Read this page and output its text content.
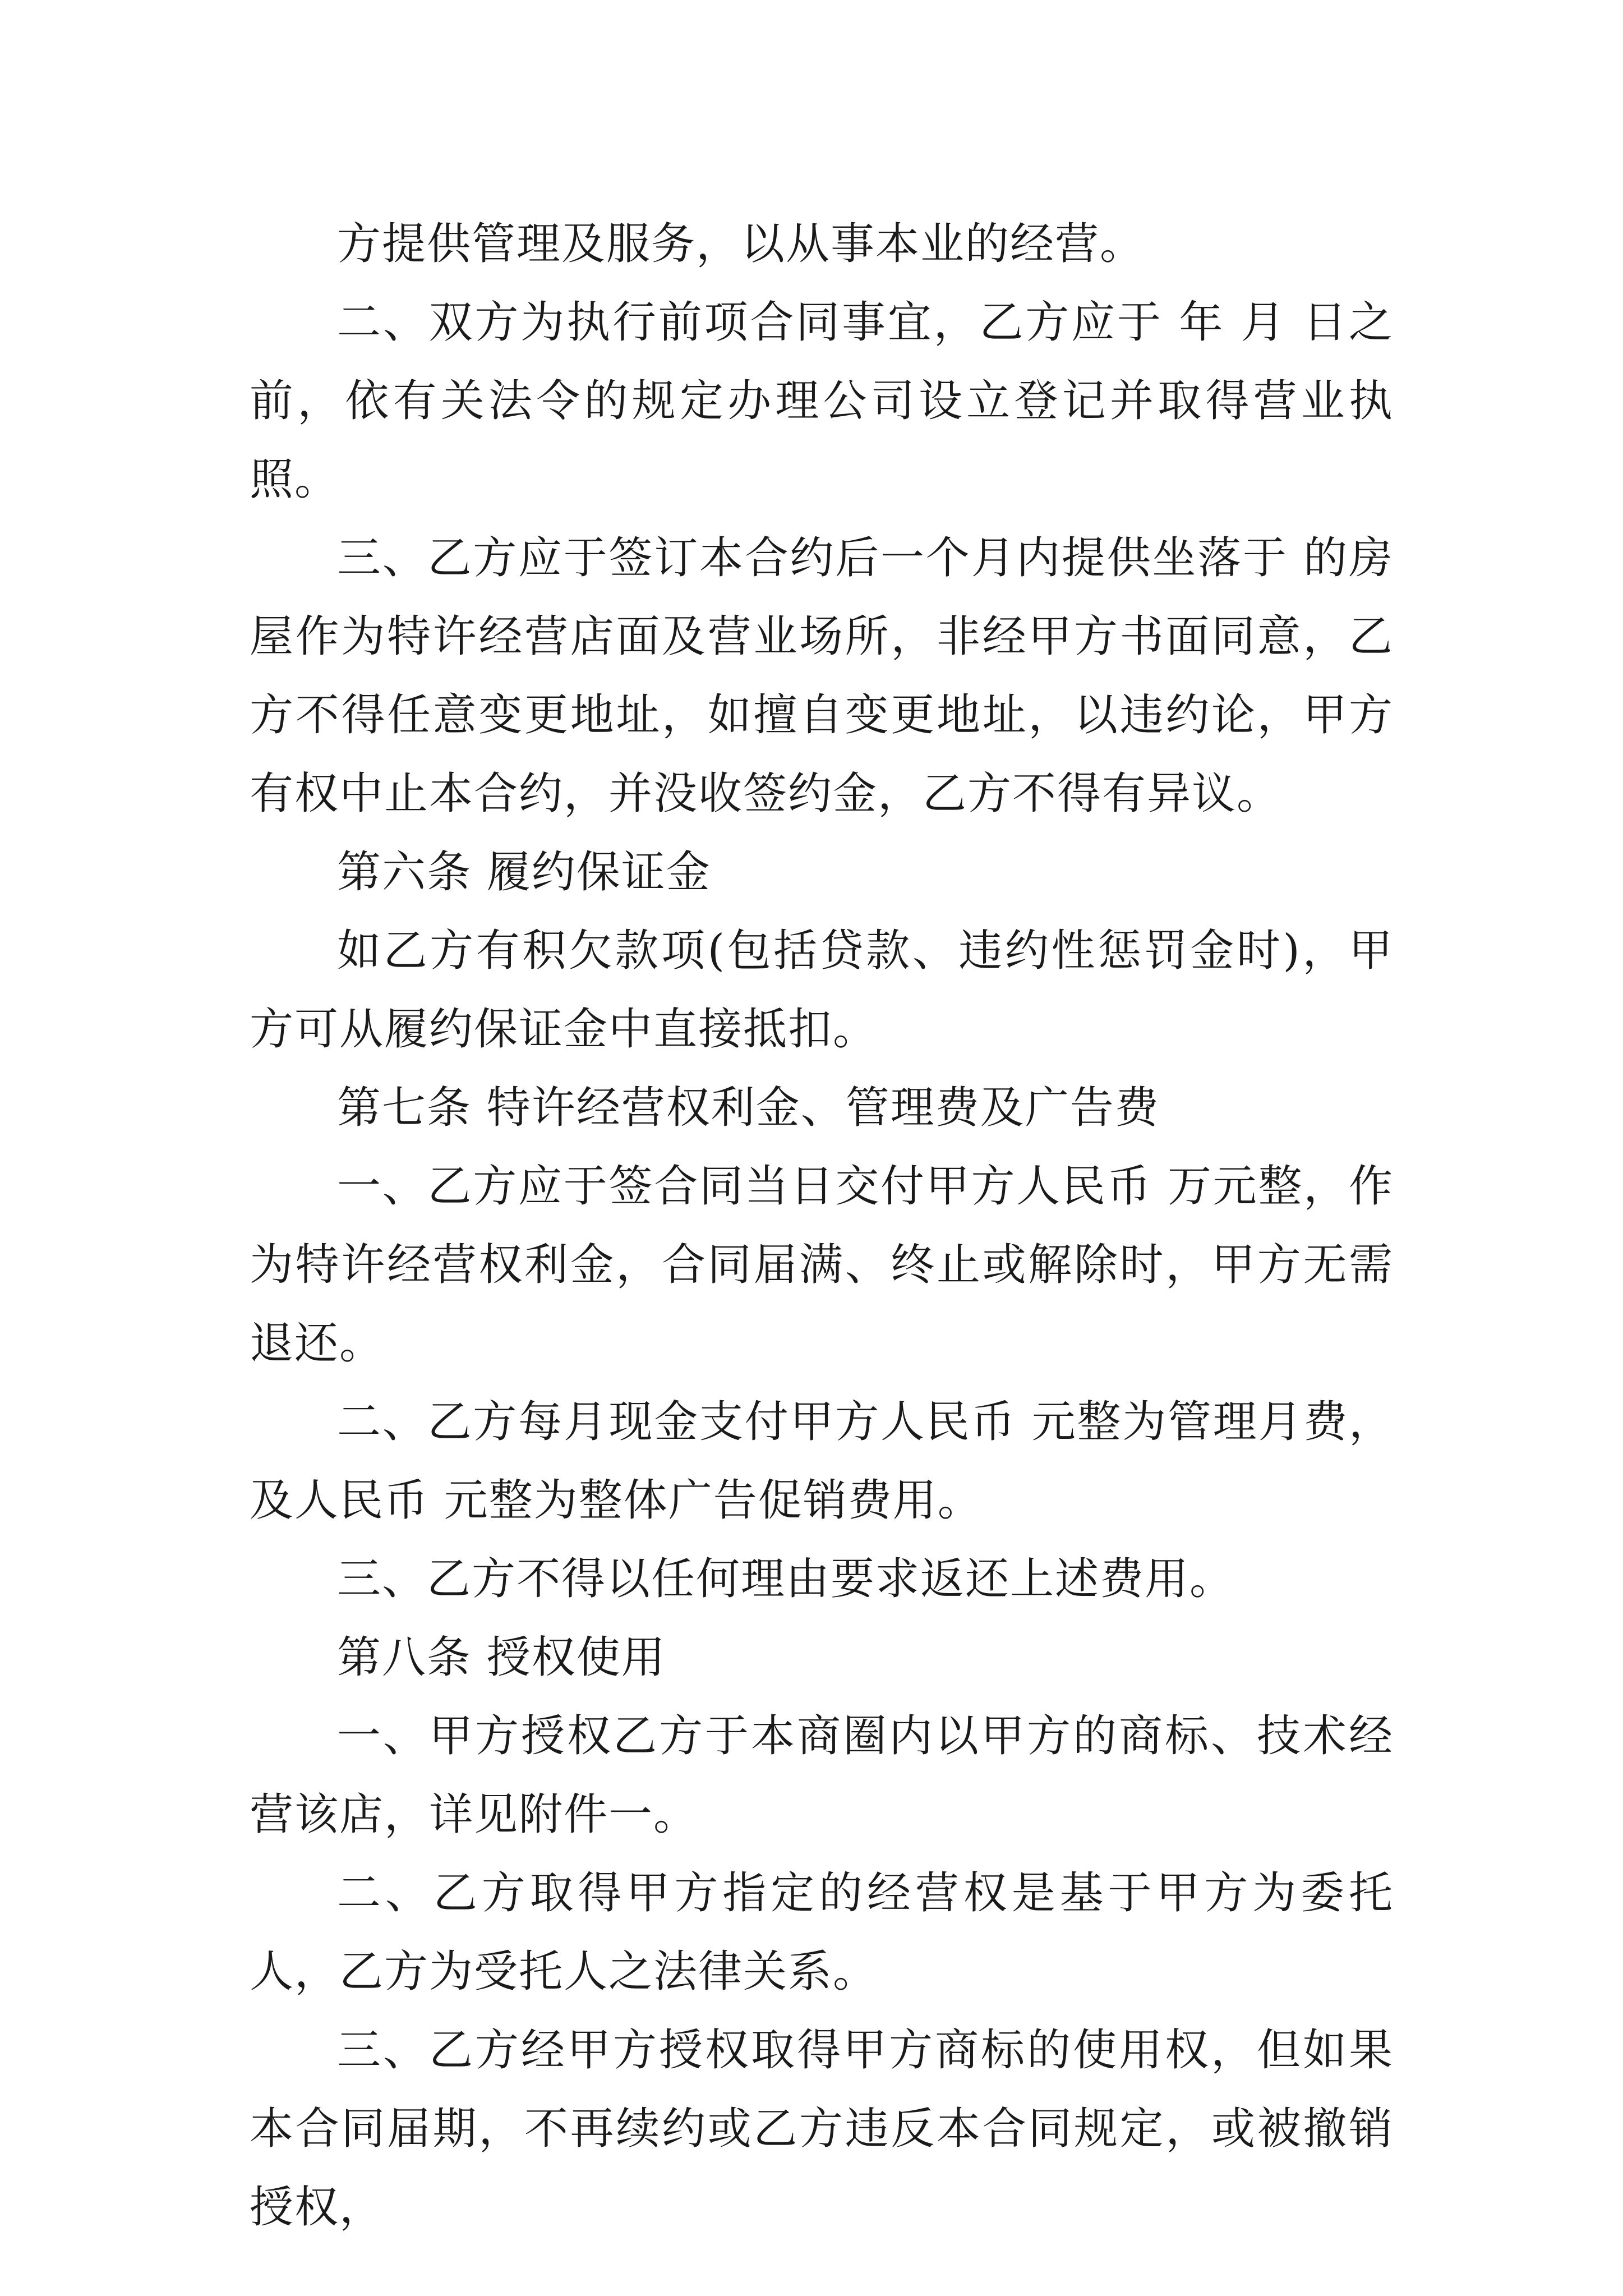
方提供管理及服务，以从事本业的经营。

二、双方为执行前项合同事宜，乙方应于 年 月 日之前，依有关法令的规定办理公司设立登记并取得营业执照。

三、乙方应于签订本合约后一个月内提供坐落于 的房屋作为特许经营店面及营业场所，非经甲方书面同意，乙方不得任意变更地址，如擅自变更地址，以违约论，甲方有权中止本合约，并没收签约金，乙方不得有异议。

第六条 履约保证金

如乙方有积欠款项(包括贷款、违约性惩罚金时)，甲方可从履约保证金中直接抵扣。

第七条 特许经营权利金、管理费及广告费

一、乙方应于签合同当日交付甲方人民币 万元整，作为特许经营权利金，合同届满、终止或解除时，甲方无需退还。

二、乙方每月现金支付甲方人民币 元整为管理月费，及人民币 元整为整体广告促销费用。

三、乙方不得以任何理由要求返还上述费用。

第八条 授权使用

一、甲方授权乙方于本商圈内以甲方的商标、技术经营该店，详见附件一。

二、乙方取得甲方指定的经营权是基于甲方为委托人，乙方为受托人之法律关系。

三、乙方经甲方授权取得甲方商标的使用权，但如果本合同届期，不再续约或乙方违反本合同规定，或被撤销授权，
